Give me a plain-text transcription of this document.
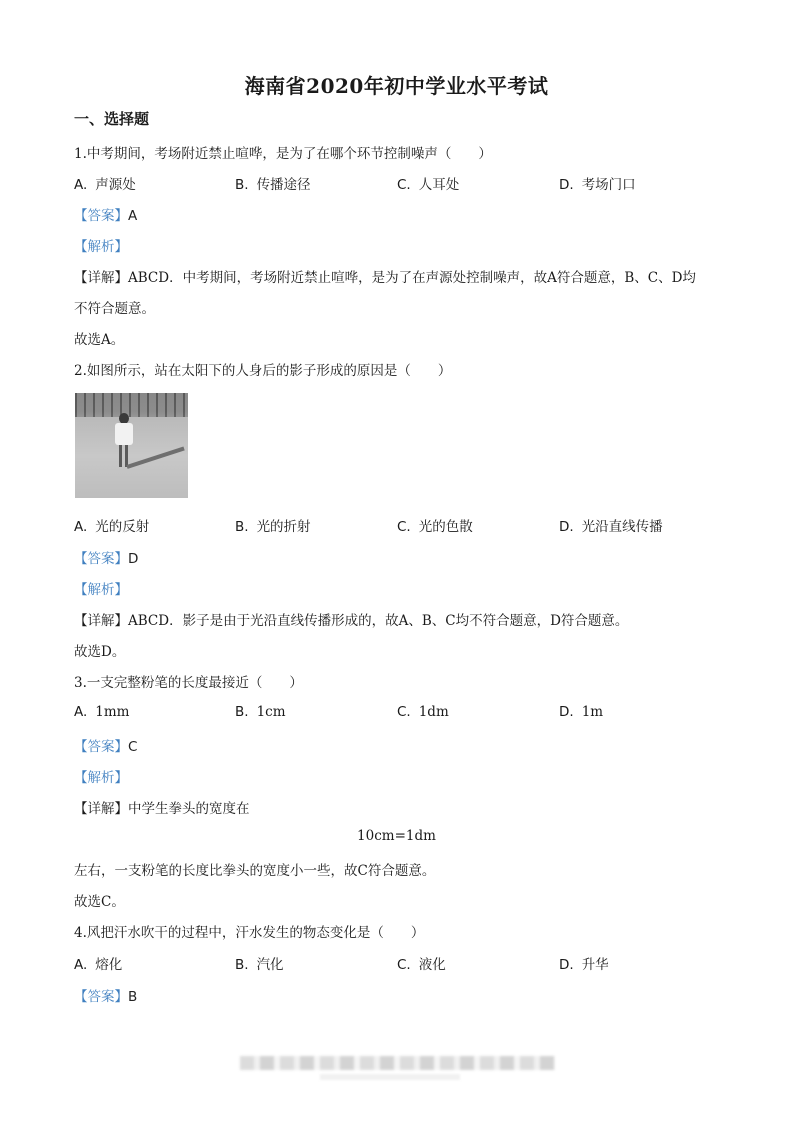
海南省2020年初中学业水平考试
一、选择题
1.中考期间，考场附近禁止喧哗，是为了在哪个环节控制噪声（　　）
A. 声源处	B. 传播途径	C. 人耳处	D. 考场门口
【答案】A
【解析】
【详解】ABCD．中考期间，考场附近禁止喧哗，是为了在声源处控制噪声，故A符合题意，B、C、D均
不符合题意。
故选A。
2.如图所示，站在太阳下的人身后的影子形成的原因是（　　）
A. 光的反射	B. 光的折射	C. 光的色散	D. 光沿直线传播
【答案】D
【解析】
【详解】ABCD．影子是由于光沿直线传播形成的，故A、B、C均不符合题意，D符合题意。
故选D。
3.一支完整粉笔的长度最接近（　　）
A. 1mm	B. 1cm	C. 1dm	D. 1m
【答案】C
【解析】
【详解】中学生拳头的宽度在
10cm=1dm
左右，一支粉笔的长度比拳头的宽度小一些，故C符合题意。
故选C。
4.风把汗水吹干的过程中，汗水发生的物态变化是（　　）
A. 熔化	B. 汽化	C. 液化	D. 升华
【答案】B
